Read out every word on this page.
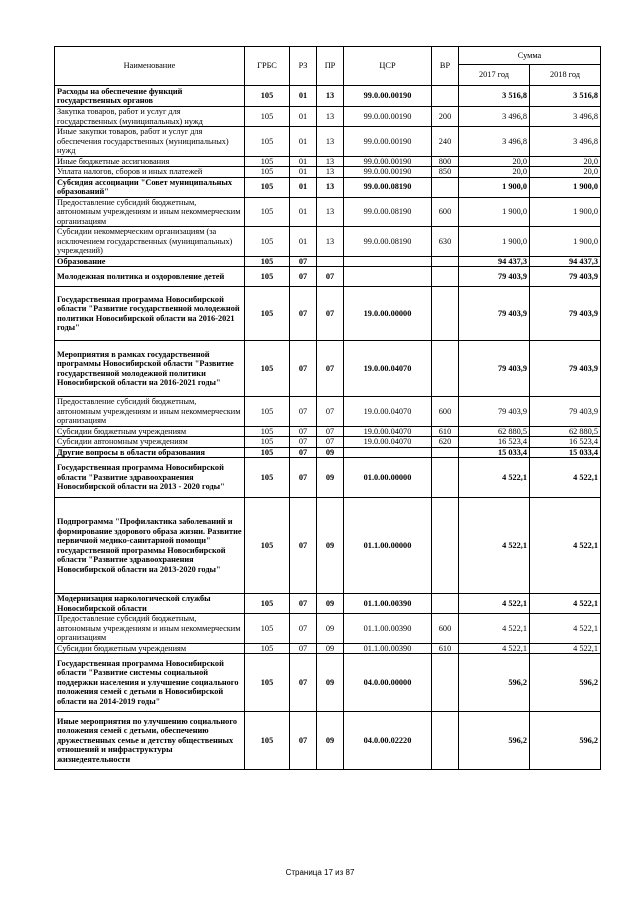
Наименование	ГРБС	РЗ	ПР	ЦСР	ВР	Сумма	
						2017 год	2018 год
Расходы на обеспечение функций государственных органов	105	01	13	99.0.00.00190		3 516,8	3 516,8
Закупка товаров, работ и услуг для государственных (муниципальных) нужд	105	01	13	99.0.00.00190	200	3 496,8	3 496,8
Иные закупки товаров, работ и услуг для обеспечения государственных (муниципальных) нужд	105	01	13	99.0.00.00190	240	3 496,8	3 496,8
Иные бюджетные ассигнования	105	01	13	99.0.00.00190	800	20,0	20,0
Уплата налогов, сборов и иных платежей	105	01	13	99.0.00.00190	850	20,0	20,0
Субсидия ассоциации "Совет муниципальных образований"	105	01	13	99.0.00.08190		1 900,0	1 900,0
Предоставление субсидий бюджетным, автономным учреждениям и иным некоммерческим организациям	105	01	13	99.0.00.08190	600	1 900,0	1 900,0
Субсидии некоммерческим организациям (за исключением государственных (муниципальных) учреждений)	105	01	13	99.0.00.08190	630	1 900,0	1 900,0
Образование	105	07				94 437,3	94 437,3
Молодежная политика и оздоровление детей	105	07	07			79 403,9	79 403,9
Государственная программа Новосибирской области "Развитие государственной молодежной политики Новосибирской области на 2016-2021 годы"	105	07	07	19.0.00.00000		79 403,9	79 403,9
Мероприятия в рамках государственной программы Новосибирской области "Развитие государственной молодежной политики Новосибирской области на 2016-2021 годы"	105	07	07	19.0.00.04070		79 403,9	79 403,9
Предоставление субсидий бюджетным, автономным учреждениям и иным некоммерческим организациям	105	07	07	19.0.00.04070	600	79 403,9	79 403,9
Субсидии бюджетным учреждениям	105	07	07	19.0.00.04070	610	62 880,5	62 880,5
Субсидии автономным учреждениям	105	07	07	19.0.00.04070	620	16 523,4	16 523,4
Другие вопросы в области образования	105	07	09			15 033,4	15 033,4
Государственная программа Новосибирской области "Развитие здравоохранения Новосибирской области на 2013 - 2020 годы"	105	07	09	01.0.00.00000		4 522,1	4 522,1
Подпрограмма "Профилактика заболеваний и формирование здорового образа жизни. Развитие первичной медико-санитарной помощи" государственной программы Новосибирской области "Развитие здравоохранения Новосибирской области на 2013-2020 годы"	105	07	09	01.1.00.00000		4 522,1	4 522,1
Модернизация наркологической службы Новосибирской области	105	07	09	01.1.00.00390		4 522,1	4 522,1
Предоставление субсидий бюджетным, автономным учреждениям и иным некоммерческим организациям	105	07	09	01.1.00.00390	600	4 522,1	4 522,1
Субсидии бюджетным учреждениям	105	07	09	01.1.00.00390	610	4 522,1	4 522,1
Государственная программа Новосибирской области "Развитие системы социальной поддержки населения и улучшение социального положения семей с детьми в Новосибирской области на 2014-2019 годы"	105	07	09	04.0.00.00000		596,2	596,2
Иные мероприятия по улучшению социального положения семей с детьми, обеспечению дружественных семье и детству общественных отношений и инфраструктуры жизнедеятельности	105	07	09	04.0.00.02220		596,2	596,2
Страница 17 из 87
